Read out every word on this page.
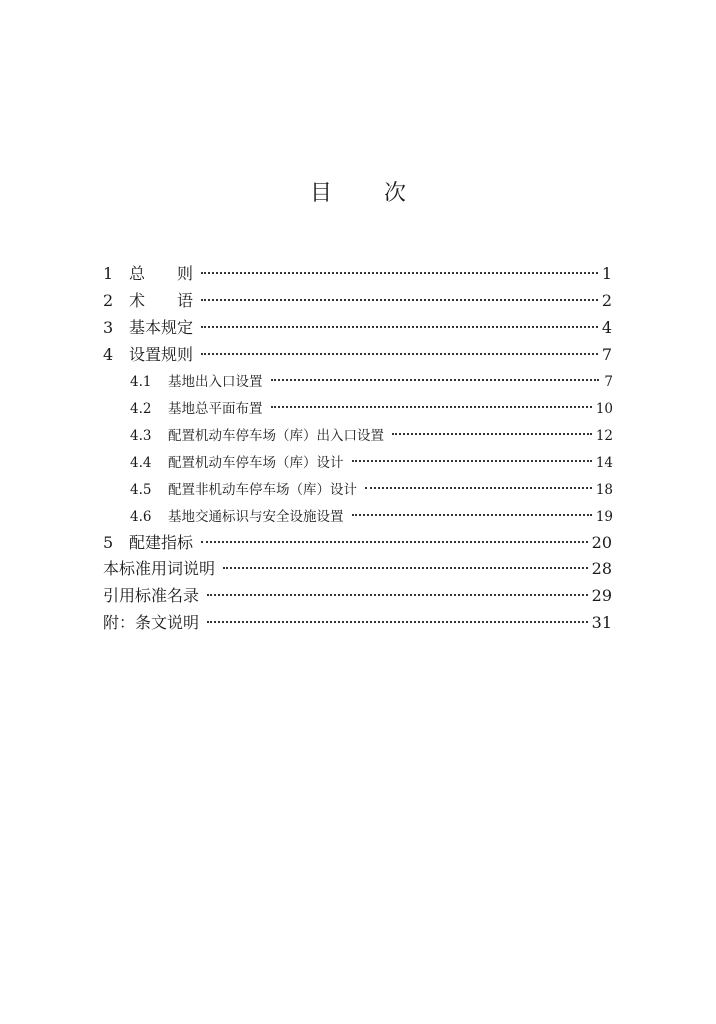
目 次
1 总　　则	1
2 术　　语	2
3 基本规定	4
4 设置规则	7
4.1	基地出入口设置	7
4.2	基地总平面布置	10
4.3	配置机动车停车场（库）出入口设置	12
4.4	配置机动车停车场（库）设计	14
4.5	配置非机动车停车场（库）设计	18
4.6	基地交通标识与安全设施设置	19
5 配建指标	20
本标准用词说明	28
引用标准名录	29
附：条文说明	31
